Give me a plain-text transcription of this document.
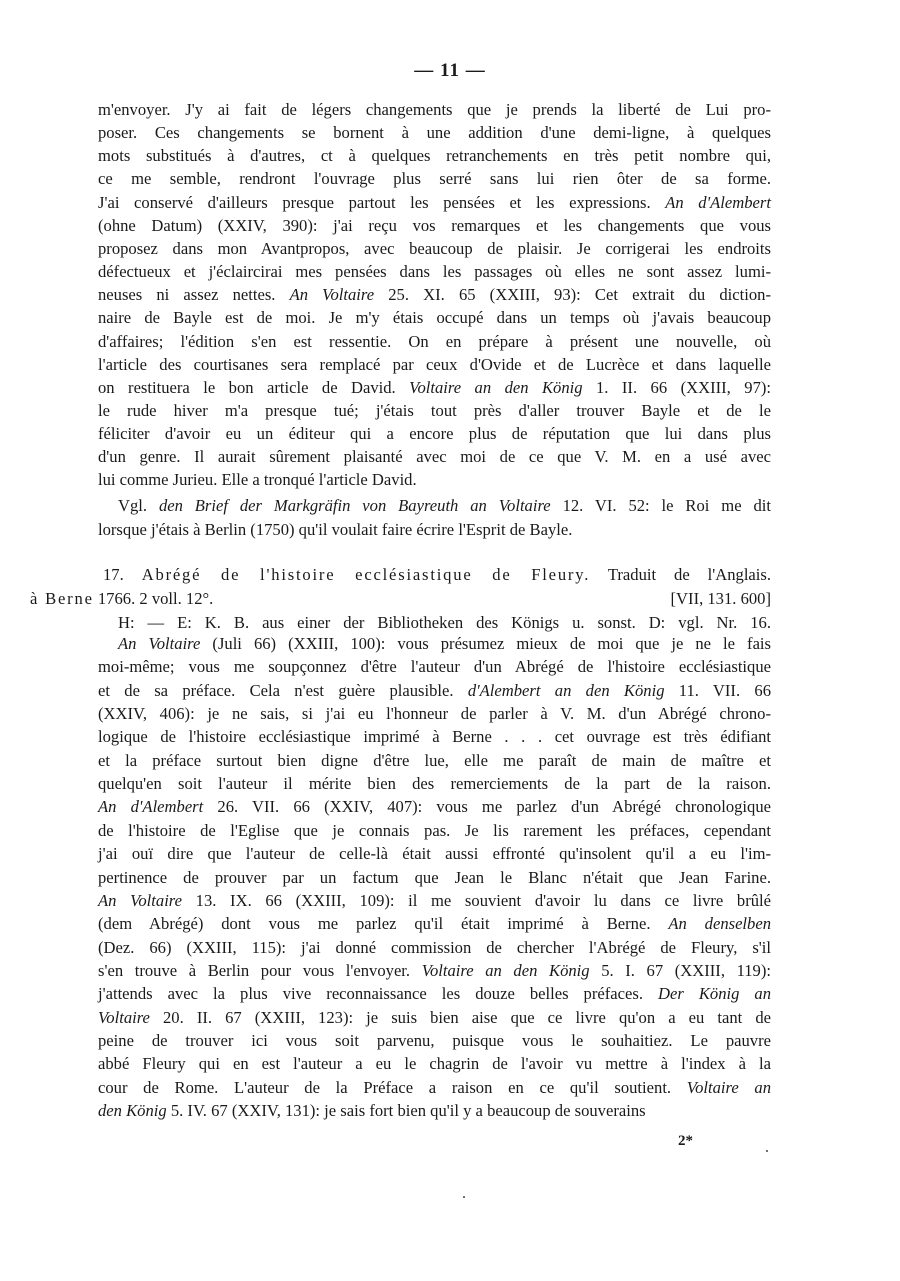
— 11 —
m'envoyer. J'y ai fait de légers changements que je prends la liberté de Lui pro-
poser. Ces changements se bornent à une addition d'une demi-ligne, à quelques
mots substitués à d'autres, ct à quelques retranchements en très petit nombre qui,
ce me semble, rendront l'ouvrage plus serré sans lui rien ôter de sa forme.
J'ai conservé d'ailleurs presque partout les pensées et les expressions. An d'Alembert
(ohne Datum) (XXIV, 390): j'ai reçu vos remarques et les changements que vous
proposez dans mon Avantpropos, avec beaucoup de plaisir. Je corrigerai les endroits
défectueux et j'éclaircirai mes pensées dans les passages où elles ne sont assez lumi-
neuses ni assez nettes. An Voltaire 25. XI. 65 (XXIII, 93): Cet extrait du diction-
naire de Bayle est de moi. Je m'y étais occupé dans un temps où j'avais beaucoup
d'affaires; l'édition s'en est ressentie. On en prépare à présent une nouvelle, où
l'article des courtisanes sera remplacé par ceux d'Ovide et de Lucrèce et dans laquelle
on restituera le bon article de David. Voltaire an den König 1. II. 66 (XXIII, 97):
le rude hiver m'a presque tué; j'étais tout près d'aller trouver Bayle et de le
féliciter d'avoir eu un éditeur qui a encore plus de réputation que lui dans plus
d'un genre. Il aurait sûrement plaisanté avec moi de ce que V. M. en a usé avec
lui comme Jurieu. Elle a tronqué l'article David.
Vgl. den Brief der Markgräfin von Bayreuth an Voltaire 12. VI. 52: le Roi me dit
lorsque j'étais à Berlin (1750) qu'il voulait faire écrire l'Esprit de Bayle.
17. Abrégé de l'histoire ecclésiastique de Fleury. Traduit de l'Anglais.
à Berne 1766. 2 voll. 12°.	[VII, 131. 600]
H: — E: K. B. aus einer der Bibliotheken des Königs u. sonst. D: vgl. Nr. 16.
An Voltaire (Juli 66) (XXIII, 100): vous présumez mieux de moi que je ne le fais
moi-même; vous me soupçonnez d'être l'auteur d'un Abrégé de l'histoire ecclésiastique
et de sa préface. Cela n'est guère plausible. d'Alembert an den König 11. VII. 66
(XXIV, 406): je ne sais, si j'ai eu l'honneur de parler à V. M. d'un Abrégé chrono-
logique de l'histoire ecclésiastique imprimé à Berne . . . cet ouvrage est très édifiant
et la préface surtout bien digne d'être lue, elle me paraît de main de maître et
quelqu'en soit l'auteur il mérite bien des remerciements de la part de la raison.
An d'Alembert 26. VII. 66 (XXIV, 407): vous me parlez d'un Abrégé chronologique
de l'histoire de l'Eglise que je connais pas. Je lis rarement les préfaces, cependant
j'ai ouï dire que l'auteur de celle-là était aussi effronté qu'insolent qu'il a eu l'im-
pertinence de prouver par un factum que Jean le Blanc n'était que Jean Farine.
An Voltaire 13. IX. 66 (XXIII, 109): il me souvient d'avoir lu dans ce livre brûlé
(dem Abrégé) dont vous me parlez qu'il était imprimé à Berne. An denselben
(Dez. 66) (XXIII, 115): j'ai donné commission de chercher l'Abrégé de Fleury, s'il
s'en trouve à Berlin pour vous l'envoyer. Voltaire an den König 5. I. 67 (XXIII, 119):
j'attends avec la plus vive reconnaissance les douze belles préfaces. Der König an
Voltaire 20. II. 67 (XXIII, 123): je suis bien aise que ce livre qu'on a eu tant de
peine de trouver ici vous soit parvenu, puisque vous le souhaitiez. Le pauvre
abbé Fleury qui en est l'auteur a eu le chagrin de l'avoir vu mettre à l'index à la
cour de Rome. L'auteur de la Préface a raison en ce qu'il soutient. Voltaire an
den König 5. IV. 67 (XXIV, 131): je sais fort bien qu'il y a beaucoup de souverains
2*
